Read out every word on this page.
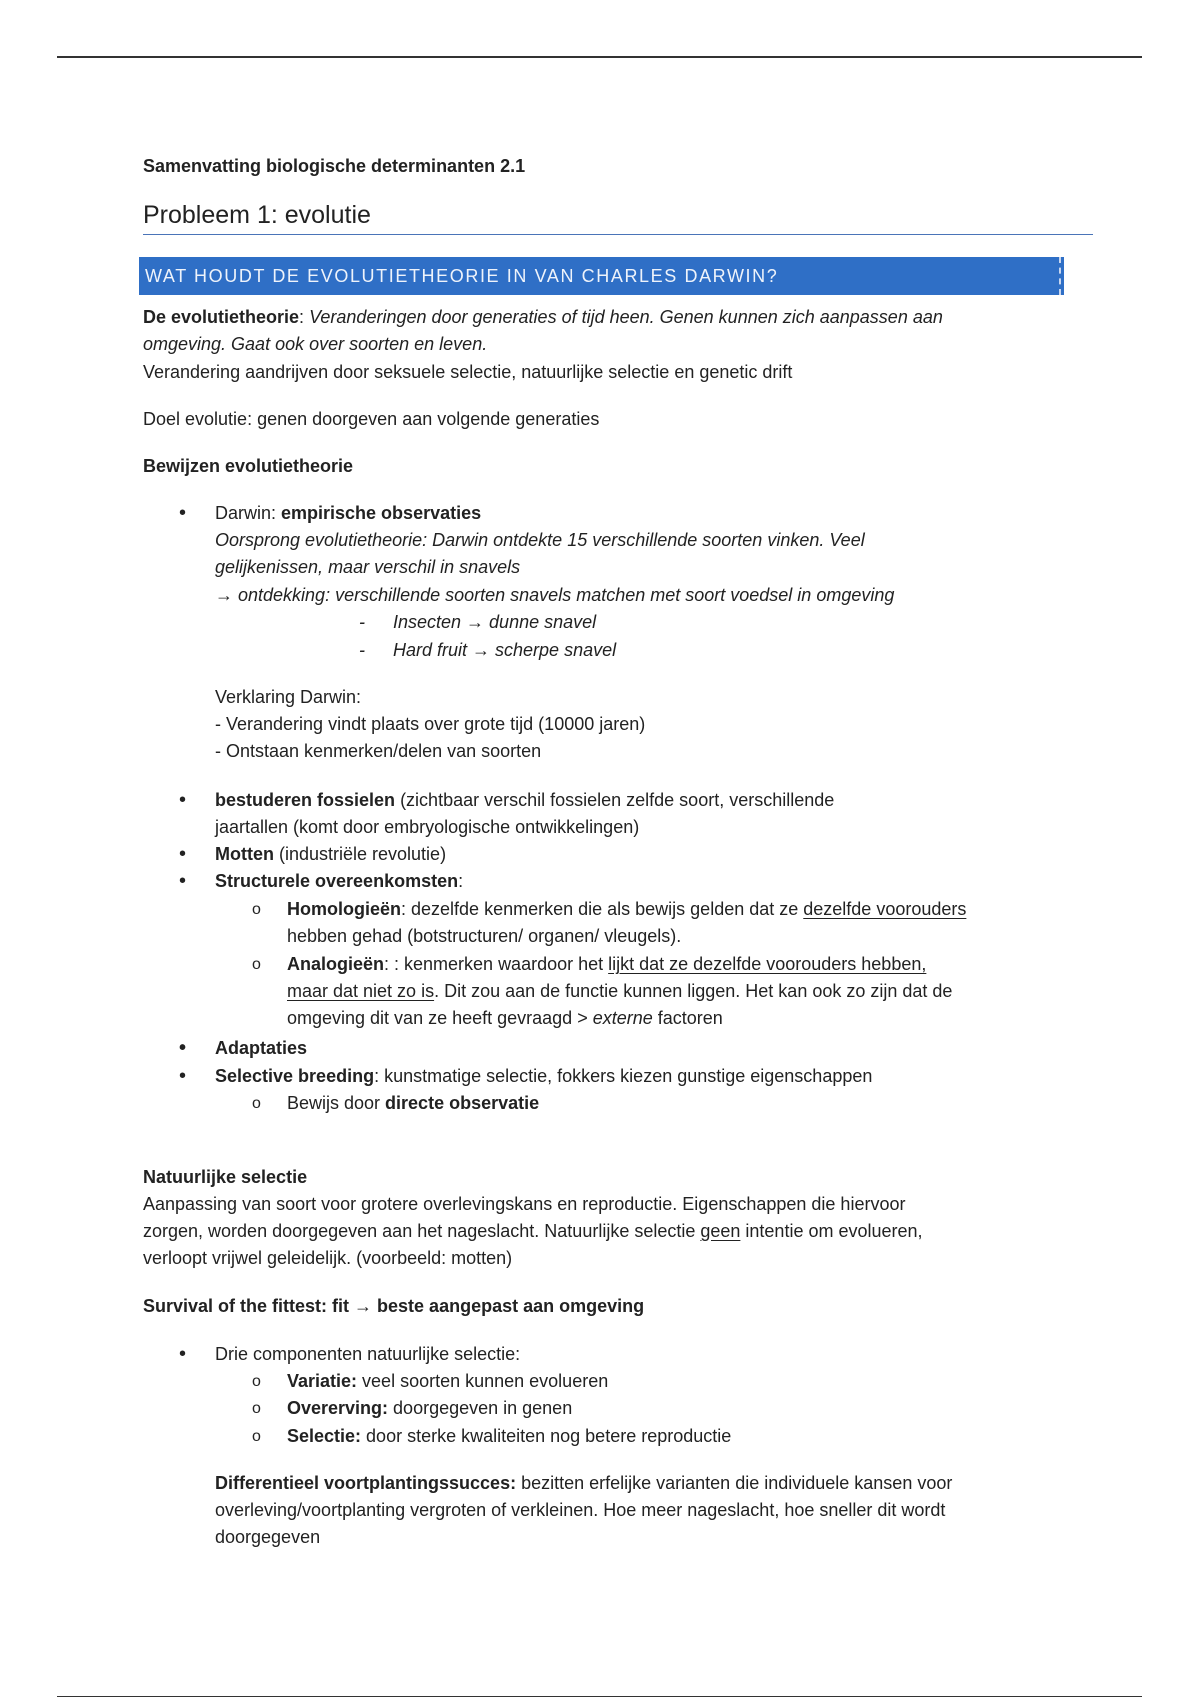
Samenvatting biologische determinanten 2.1

Probleem 1: evolutie

WAT HOUDT DE EVOLUTIETHEORIE IN VAN CHARLES DARWIN?

De evolutietheorie: Veranderingen door generaties of tijd heen. Genen kunnen zich aanpassen aan

omgeving. Gaat ook over soorten en leven.

Verandering aandrijven door seksuele selectie, natuurlijke selectie en genetic drift

Doel evolutie: genen doorgeven aan volgende generaties

Bewijzen evolutietheorie

• Darwin: empirische observaties

Oorsprong evolutietheorie: Darwin ontdekte 15 verschillende soorten vinken. Veel

gelijkenissen, maar verschil in snavels

→ ontdekking: verschillende soorten snavels matchen met soort voedsel in omgeving

- Insecten → dunne snavel

- Hard fruit → scherpe snavel

Verklaring Darwin:

- Verandering vindt plaats over grote tijd (10000 jaren)

- Ontstaan kenmerken/delen van soorten

• bestuderen fossielen (zichtbaar verschil fossielen zelfde soort, verschillende

jaartallen (komt door embryologische ontwikkelingen)

• Motten (industriële revolutie)

• Structurele overeenkomsten:

o Homologieën: dezelfde kenmerken die als bewijs gelden dat ze dezelfde voorouders

hebben gehad (botstructuren/ organen/ vleugels).

o Analogieën: : kenmerken waardoor het lijkt dat ze dezelfde voorouders hebben,

maar dat niet zo is. Dit zou aan de functie kunnen liggen. Het kan ook zo zijn dat de

omgeving dit van ze heeft gevraagd > externe factoren

• Adaptaties

• Selective breeding: kunstmatige selectie, fokkers kiezen gunstige eigenschappen

o Bewijs door directe observatie

Natuurlijke selectie

Aanpassing van soort voor grotere overlevingskans en reproductie. Eigenschappen die hiervoor

zorgen, worden doorgegeven aan het nageslacht. Natuurlijke selectie geen intentie om evolueren,

verloopt vrijwel geleidelijk. (voorbeeld: motten)

Survival of the fittest: fit → beste aangepast aan omgeving

• Drie componenten natuurlijke selectie:

o Variatie: veel soorten kunnen evolueren

o Overerving: doorgegeven in genen

o Selectie: door sterke kwaliteiten nog betere reproductie

Differentieel voortplantingssucces: bezitten erfelijke varianten die individuele kansen voor

overleving/voortplanting vergroten of verkleinen. Hoe meer nageslacht, hoe sneller dit wordt

doorgegeven
